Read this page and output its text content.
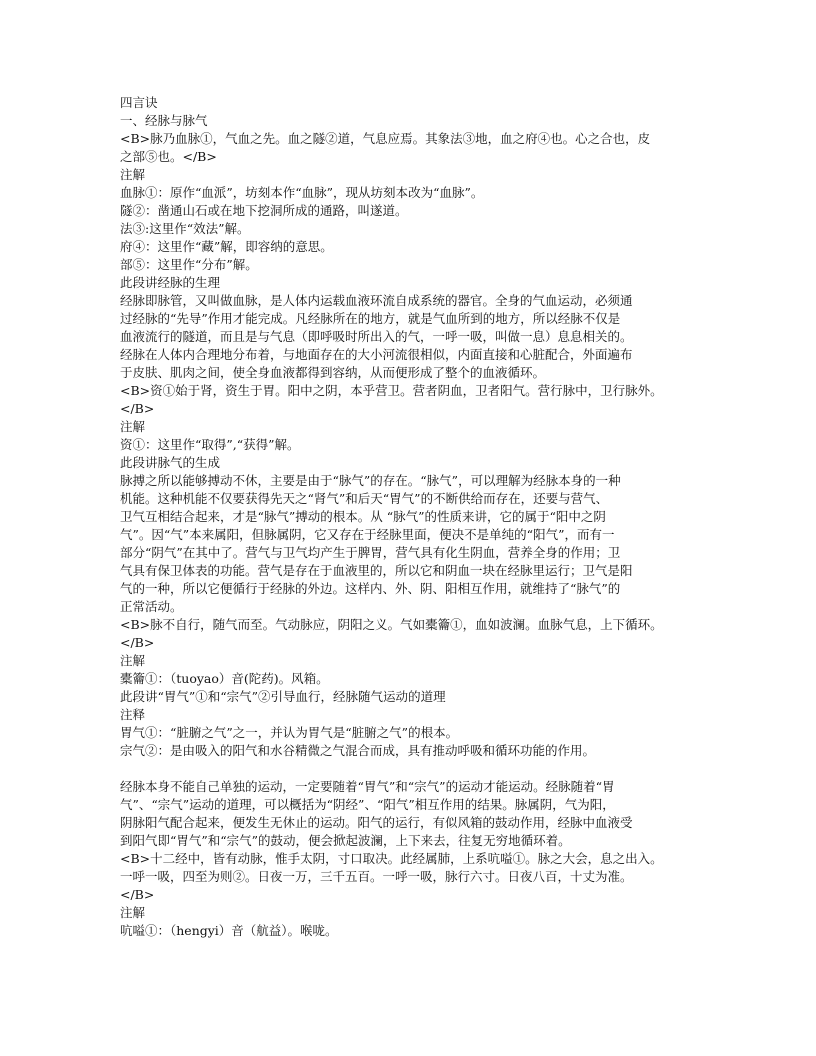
四言诀
一、经脉与脉气
<B>脉乃血脉①，气血之先。血之隧②道，气息应焉。其象法③地，血之府④也。心之合也，皮
之部⑤也。</B>
注解
血脉①：原作“血派”，坊刻本作“血脉”，现从坊刻本改为“血脉”。
隧②：凿通山石或在地下挖洞所成的通路，叫遂道。
法③:这里作“效法”解。
府④：这里作“藏”解，即容纳的意思。
部⑤：这里作“分布”解。
此段讲经脉的生理
经脉即脉管，又叫做血脉，是人体内运载血液环流自成系统的器官。全身的气血运动，必须通
过经脉的“先导”作用才能完成。凡经脉所在的地方，就是气血所到的地方，所以经脉不仅是
血液流行的隧道，而且是与气息（即呼吸时所出入的气，一呼一吸，叫做一息）息息相关的。
经脉在人体内合理地分布着，与地面存在的大小河流很相似，内面直接和心脏配合，外面遍布
于皮肤、肌肉之间，使全身血液都得到容纳，从而便形成了整个的血液循环。
<B>资①始于肾，资生于胃。阳中之阴，本乎营卫。营者阴血，卫者阳气。营行脉中，卫行脉外。
</B>
注解
资①：这里作“取得”,“获得”解。
此段讲脉气的生成
脉搏之所以能够搏动不休，主要是由于“脉气”的存在。“脉气”，可以理解为经脉本身的一种
机能。这种机能不仅要获得先天之“肾气”和后天“胃气”的不断供给而存在，还要与营气、
卫气互相结合起来，才是“脉气”搏动的根本。从 “脉气”的性质来讲，它的属于“阳中之阴
气”。因“气”本来属阳，但脉属阴，它又存在于经脉里面，便决不是单纯的“阳气”，而有一
部分“阴气”在其中了。营气与卫气均产生于脾胃，营气具有化生阴血，营养全身的作用；卫
气具有保卫体表的功能。营气是存在于血液里的，所以它和阴血一块在经脉里运行；卫气是阳
气的一种，所以它便循行于经脉的外边。这样内、外、阴、阳相互作用，就维持了“脉气”的
正常活动。
<B>脉不自行，随气而至。气动脉应，阴阳之义。气如橐籥①，血如波澜。血脉气息，上下循环。
</B>
注解
橐籥①：（tuoyao）音(陀药)。风箱。
此段讲“胃气”①和“宗气”②引导血行，经脉随气运动的道理
注释
胃气①：“脏腑之气”之一，并认为胃气是“脏腑之气”的根本。
宗气②：是由吸入的阳气和水谷精微之气混合而成，具有推动呼吸和循环功能的作用。
经脉本身不能自己单独的运动，一定要随着“胃气”和“宗气”的运动才能运动。经脉随着“胃
气”、“宗气”运动的道理，可以概括为“阴经”、“阳气”相互作用的结果。脉属阴，气为阳，
阴脉阳气配合起来，便发生无休止的运动。阳气的运行，有似风箱的鼓动作用，经脉中血液受
到阳气即“胃气”和“宗气”的鼓动，便会掀起波澜，上下来去，往复无穷地循环着。
<B>十二经中，皆有动脉，惟手太阴，寸口取决。此经属肺，上系吭嗌①。脉之大会，息之出入。
一呼一吸，四至为则②。日夜一万，三千五百。一呼一吸，脉行六寸。日夜八百，十丈为准。
</B>
注解
吭嗌①：（hengyi）音（航益）。喉咙。
